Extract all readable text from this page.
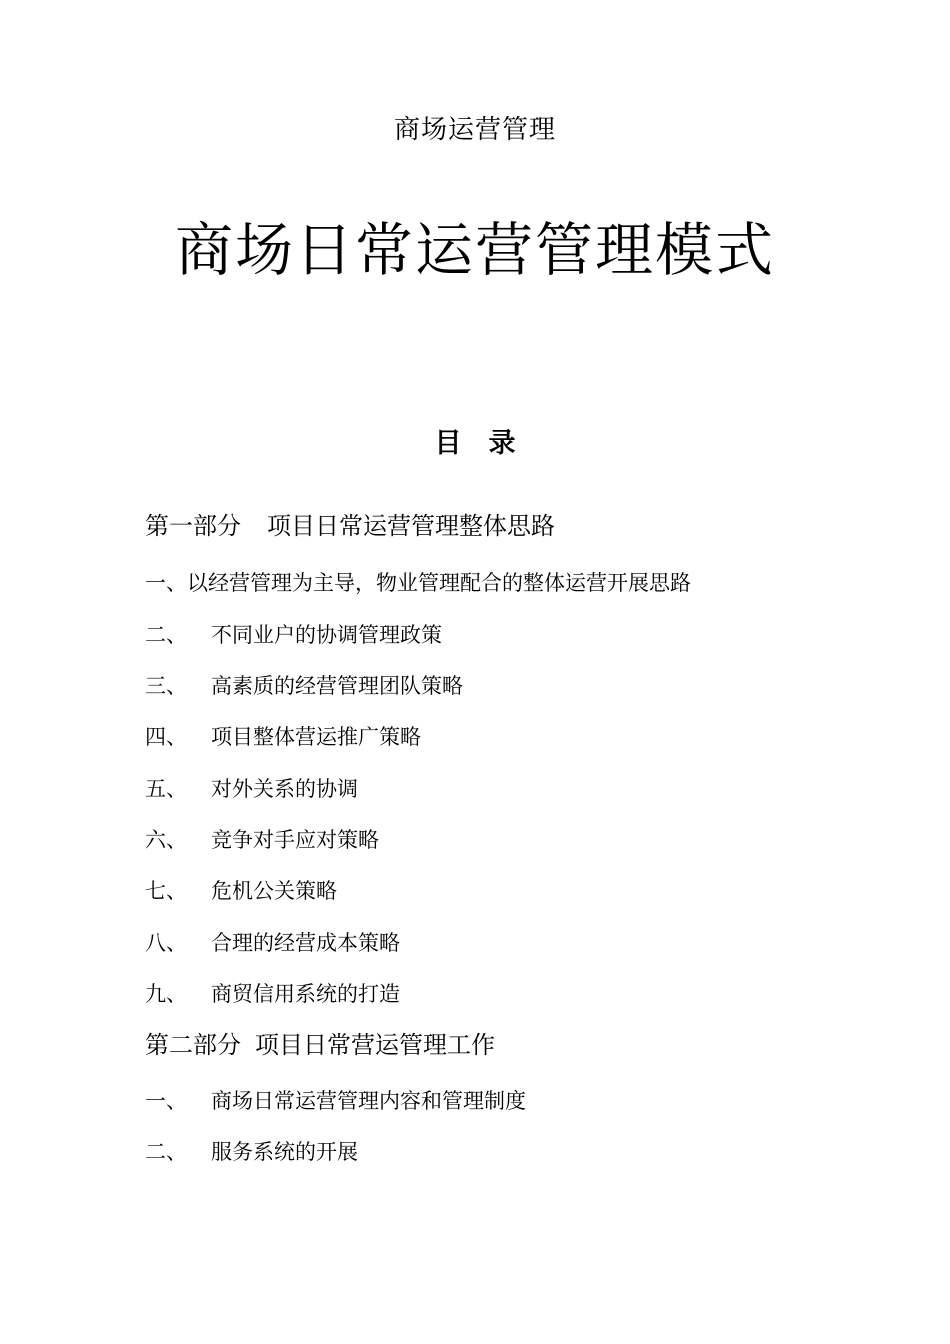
商场运营管理
商场日常运营管理模式
目　录
第一部分 项目日常运营管理整体思路
一、以经营管理为主导，物业管理配合的整体运营开展思路
二、 不同业户的协调管理政策
三、 高素质的经营管理团队策略
四、 项目整体营运推广策略
五、 对外关系的协调
六、 竞争对手应对策略
七、 危机公关策略
八、 合理的经营成本策略
九、 商贸信用系统的打造
第二部分 项目日常营运管理工作
一、 商场日常运营管理内容和管理制度
二、 服务系统的开展
